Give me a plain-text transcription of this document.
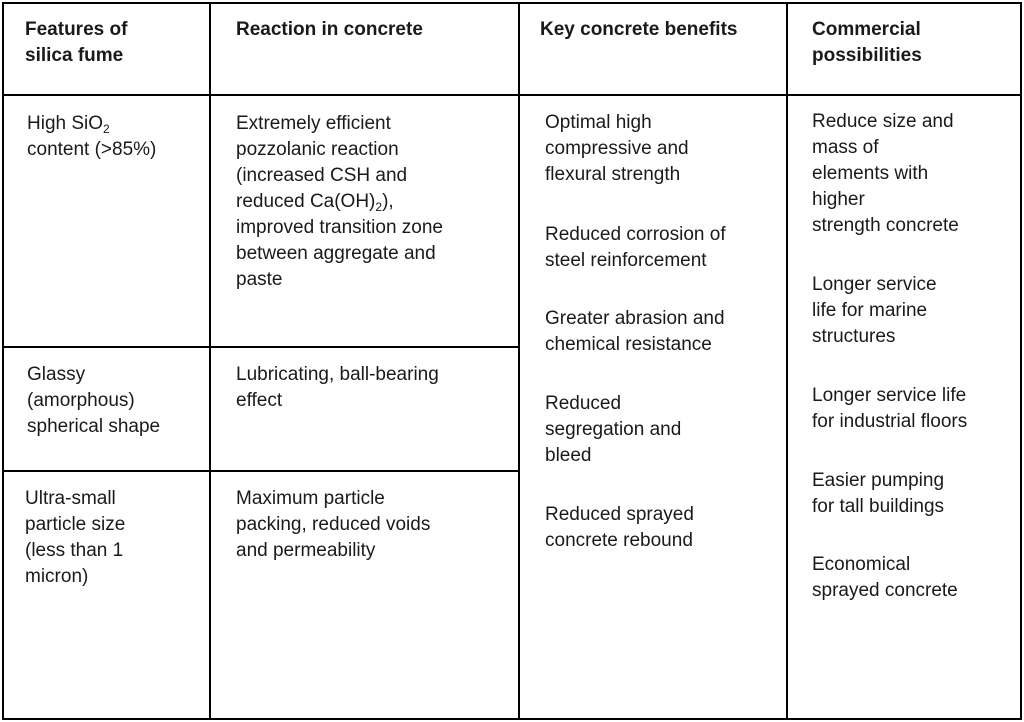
Features of
silica fume
Reaction in concrete	Key concrete benefits	Commercial
possibilities
High SiO$_2$
content (>85%)
Glassy
(amorphous)
spherical shape
Ultra-small
particle size
(less than 1
micron)
Extremely efficient
pozzolanic reaction
(increased CSH and
reduced $Ca(OH)_2$),
improved transition zone
between aggregate and
paste
Lubricating, ball-bearing
effect
Maximum particle
packing, reduced voids
and permeability
Optimal high
compressive and
flexural strength
Reduced corrosion of
steel reinforcement
Greater abrasion and
chemical resistance
Reduced
segregation and
bleed
Reduced sprayed
concrete rebound
Reduce size and
mass of
elements with
higher
strength concrete
Longer service
life for marine
structures
Longer service life
for industrial floors
Easier pumping
for tall buildings
Economical
sprayed concrete
